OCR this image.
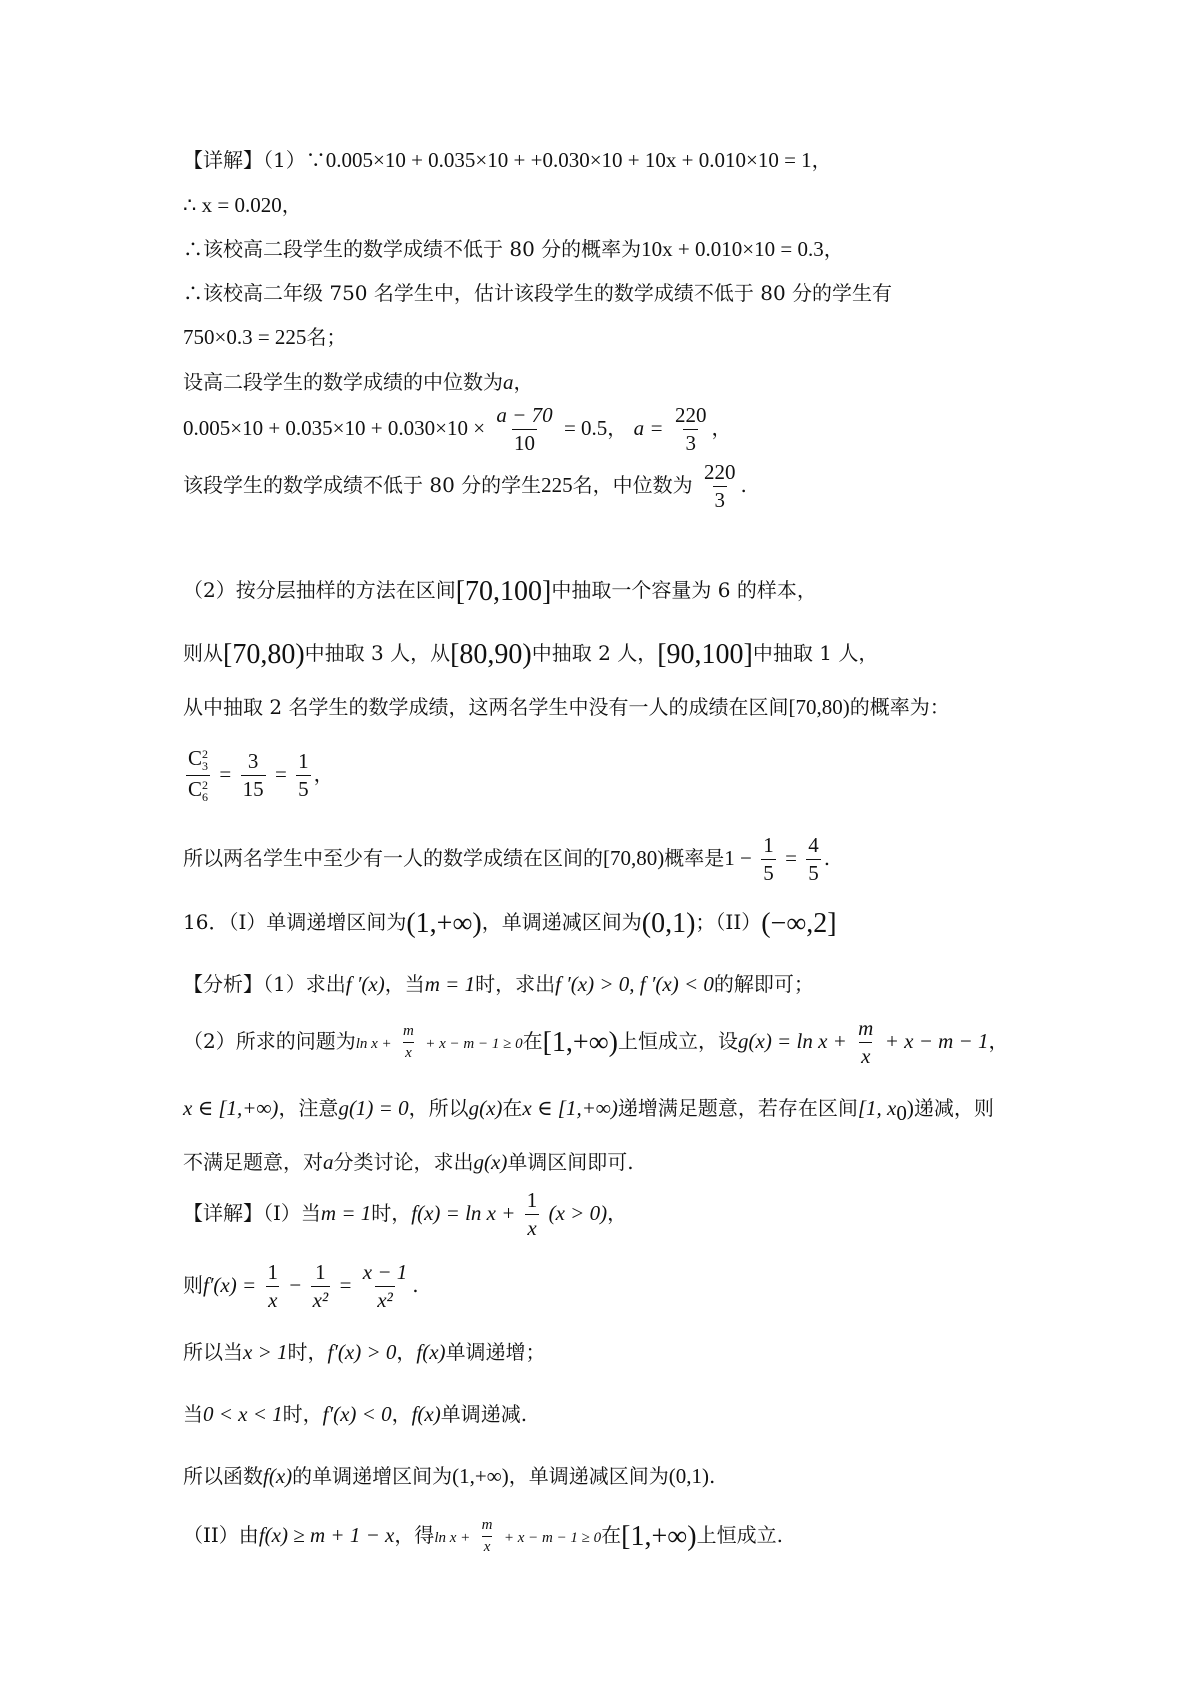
【详解】（1）∵0.005×10 + 0.035×10 + +0.030×10 + 10x + 0.010×10 = 1，
∴ x = 0.020，
∴该校高二段学生的数学成绩不低于 80 分的概率为10x + 0.010×10 = 0.3，
∴该校高二年级 750 名学生中，估计该段学生的数学成绩不低于 80 分的学生有
750×0.3 = 225名；
设高二段学生的数学成绩的中位数为a，
$0.005\times 10 + 0.035\times 10 + 0.030\times 10 \times \frac{a - 70}{10} = 0.5$， $a = \frac{220}{3}$ ，
该段学生的数学成绩不低于 80 分的学生225名，中位数为 $\frac{220}{3}$ .
（2）按分层抽样的方法在区间[70,100]中抽取一个容量为 6 的样本，
则从[70,80)中抽取 3 人，从[80,90)中抽取 2 人，[90,100]中抽取 1 人，
从中抽取 2 名学生的数学成绩，这两名学生中没有一人的成绩在区间[70,80)的概率为：
C 2
3
C 2
$6 = \frac{3}{15} = \frac{1}{5}$ ，
所以两名学生中至少有一人的数学成绩在区间的[70,80)概率是$1 - \frac{1}{5} = \frac{4}{5}$ .
16．（I）单调递增区间为(1,+∞)，单调递减区间为(0,1)；（II）(−∞,2]
【分析】（1）求出f ′(x)，当m = 1时，求出f ′(x) > 0, f ′(x) < 0的解即可；
（2）所求的问题为$\ln x + \frac{m}{x} + x - m - 1 \ge 0$在[1,+∞)上恒成立，设$g(x) = \ln x + \frac{m}{x} + x - m - 1$，
x ∈ [1,+∞)，注意g(1) = 0，所以g(x)在x ∈ [1,+∞)递增满足题意，若存在区间[1, $x_0$)递减，则
不满足题意，对a分类讨论，求出g(x)单调区间即可.
【详解】（I）当m = 1时，$f(x) = \ln x + \frac{1}{x} (x > 0)$，
则$f'(x) = \frac{1}{x} - \frac{1}{\text{x²}} = \frac{x - 1}{\text{x²}}$ .
所以当x > 1时，f′(x) > 0，f(x)单调递增；
当0 < x < 1时，f′(x) < 0，f(x)单调递减.
所以函数f(x)的单调递增区间为(1,+∞)，单调递减区间为(0,1).
（II）由f(x) ≥ m + 1 − x，得$\ln x + \frac{m}{x} + x - m - 1 \ge 0$在[1,+∞)上恒成立.
